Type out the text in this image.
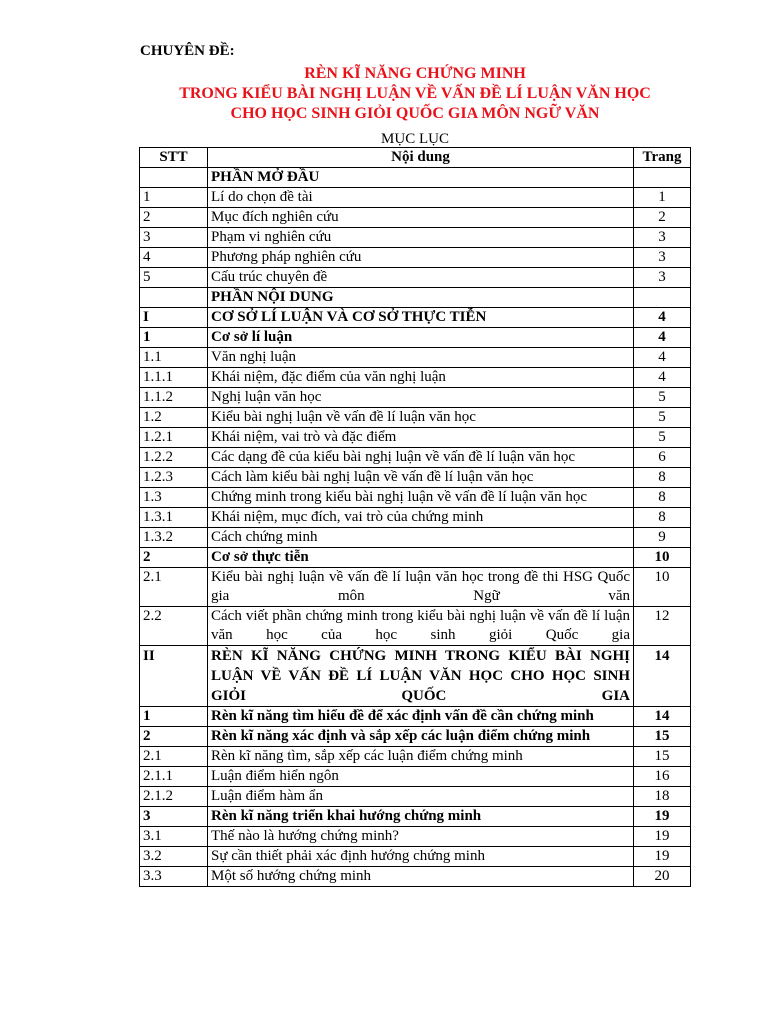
CHUYÊN ĐỀ:
RÈN KĨ NĂNG CHỨNG MINH
TRONG KIỂU BÀI NGHỊ LUẬN VỀ VẤN ĐỀ LÍ LUẬN VĂN HỌC
CHO HỌC SINH GIỎI QUỐC GIA MÔN NGỮ VĂN
MỤC LỤC
STT	Nội dung	Trang
	PHẦN MỞ ĐẦU	
1	Lí do chọn đề tài	1
2	Mục đích nghiên cứu	2
3	Phạm vi nghiên cứu	3
4	Phương pháp nghiên cứu	3
5	Cấu trúc chuyên đề	3
	PHẦN NỘI DUNG	
I	CƠ SỞ LÍ LUẬN VÀ CƠ SỞ THỰC TIỄN	4
1	Cơ sở lí luận	4
1.1	Văn nghị luận	4
1.1.1	Khái niệm, đặc điểm của văn nghị luận	4
1.1.2	Nghị luận văn học	5
1.2	Kiểu bài nghị luận về vấn đề lí luận văn học	5
1.2.1	Khái niệm, vai trò và đặc điểm	5
1.2.2	Các dạng đề của kiểu bài nghị luận về vấn đề lí luận văn học	6
1.2.3	Cách làm kiểu bài nghị luận về vấn đề lí luận văn học	8
1.3	Chứng minh trong kiểu bài nghị luận về vấn đề lí luận văn học	8
1.3.1	Khái niệm, mục đích, vai trò của chứng minh	8
1.3.2	Cách chứng minh	9
2	Cơ sở thực tiễn	10
2.1	Kiểu bài nghị luận về vấn đề lí luận văn học trong đề thi HSG Quốc gia môn Ngữ văn	10
2.2	Cách viết phần chứng minh trong kiểu bài nghị luận về vấn đề lí luận văn học của học sinh giỏi Quốc gia	12
II	RÈN KĨ NĂNG CHỨNG MINH TRONG KIỂU BÀI NGHỊ LUẬN VỀ VẤN ĐỀ LÍ LUẬN VĂN HỌC CHO HỌC SINH GIỎI QUỐC GIA	14
1	Rèn kĩ năng tìm hiểu đề để xác định vấn đề cần chứng minh	14
2	Rèn kĩ năng xác định và sắp xếp các luận điểm chứng minh	15
2.1	Rèn kĩ năng tìm, sắp xếp các luận điểm chứng minh	15
2.1.1	Luận điểm hiển ngôn	16
2.1.2	Luận điểm hàm ẩn	18
3	Rèn kĩ năng triển khai hướng chứng minh	19
3.1	Thế nào là hướng chứng minh?	19
3.2	Sự cần thiết phải xác định hướng chứng minh	19
3.3	Một số hướng chứng minh	20
